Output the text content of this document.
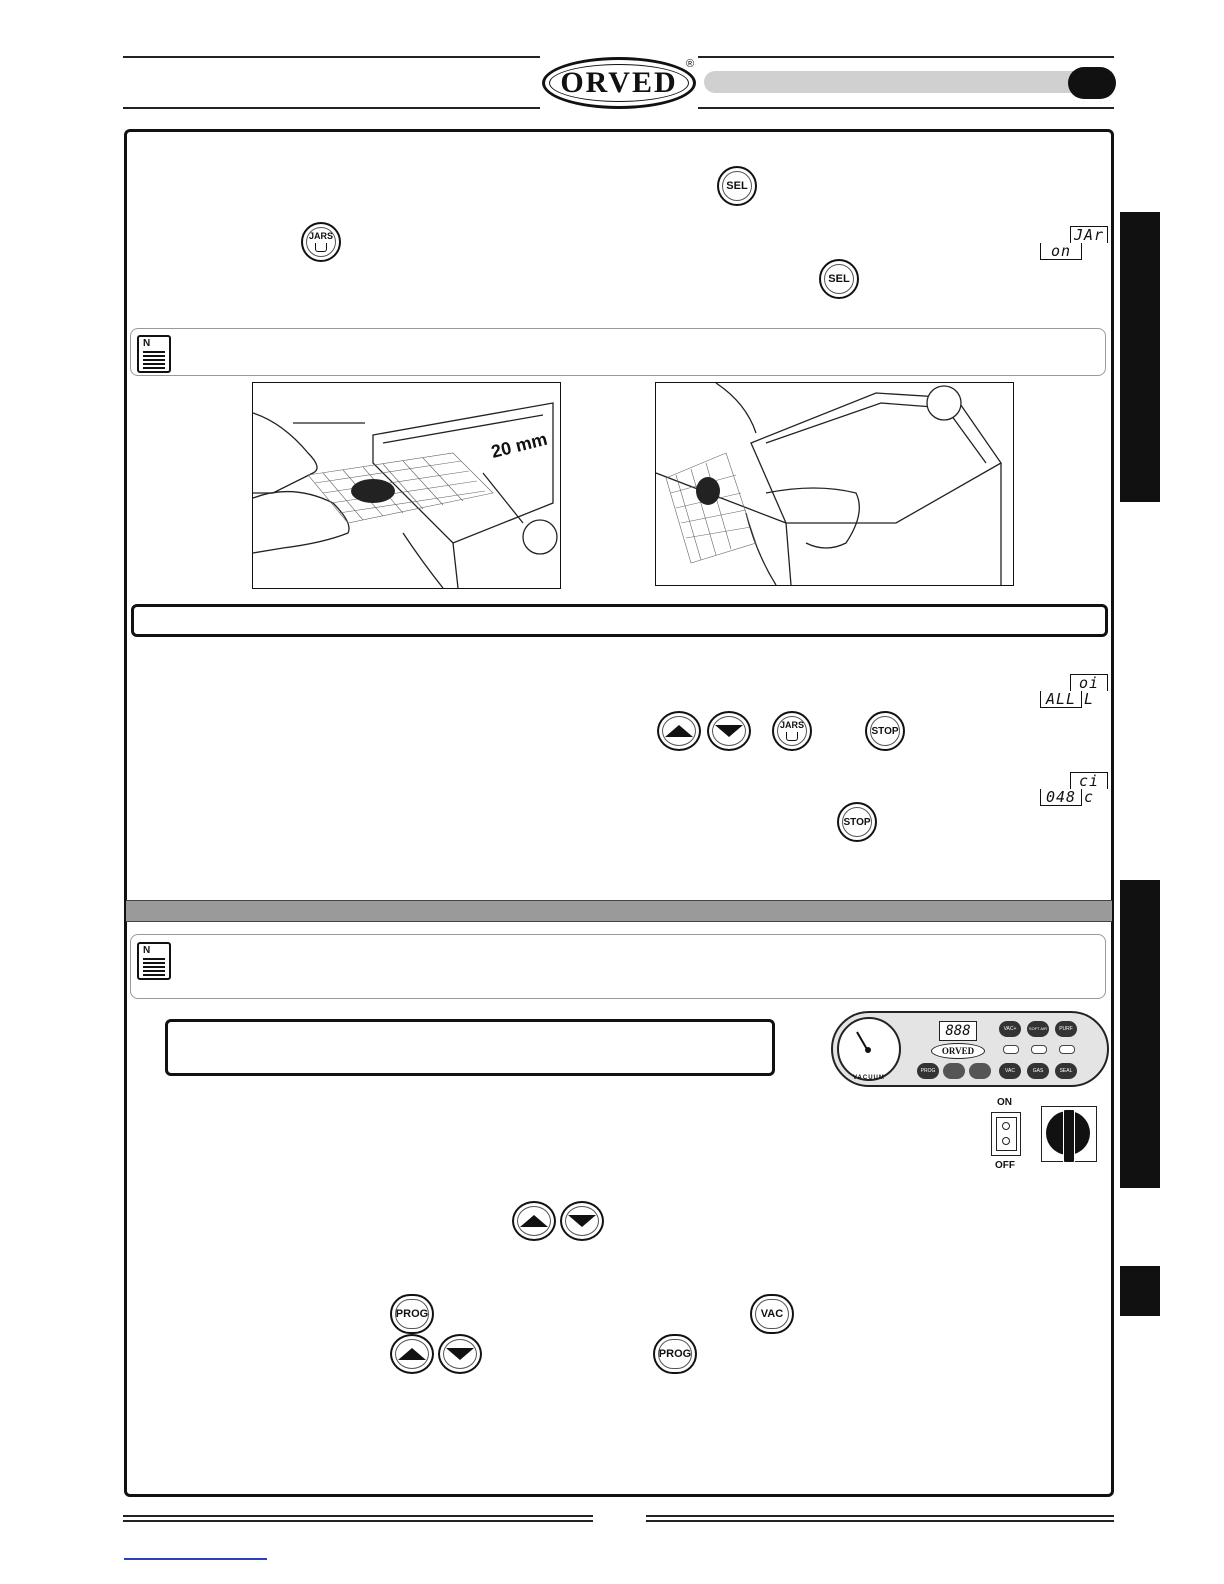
ORVED
®
SEL
JARS
SEL
JAr
on
N
20 mm
oi L
ALL
JARS
STOP
ci c
048
STOP
N
VACUUM
888
ORVED
VAC+	SOFT AIR	PURF
PROG	VAC	GAS	SEAL
ON
OFF
PROG	VAC
PROG
